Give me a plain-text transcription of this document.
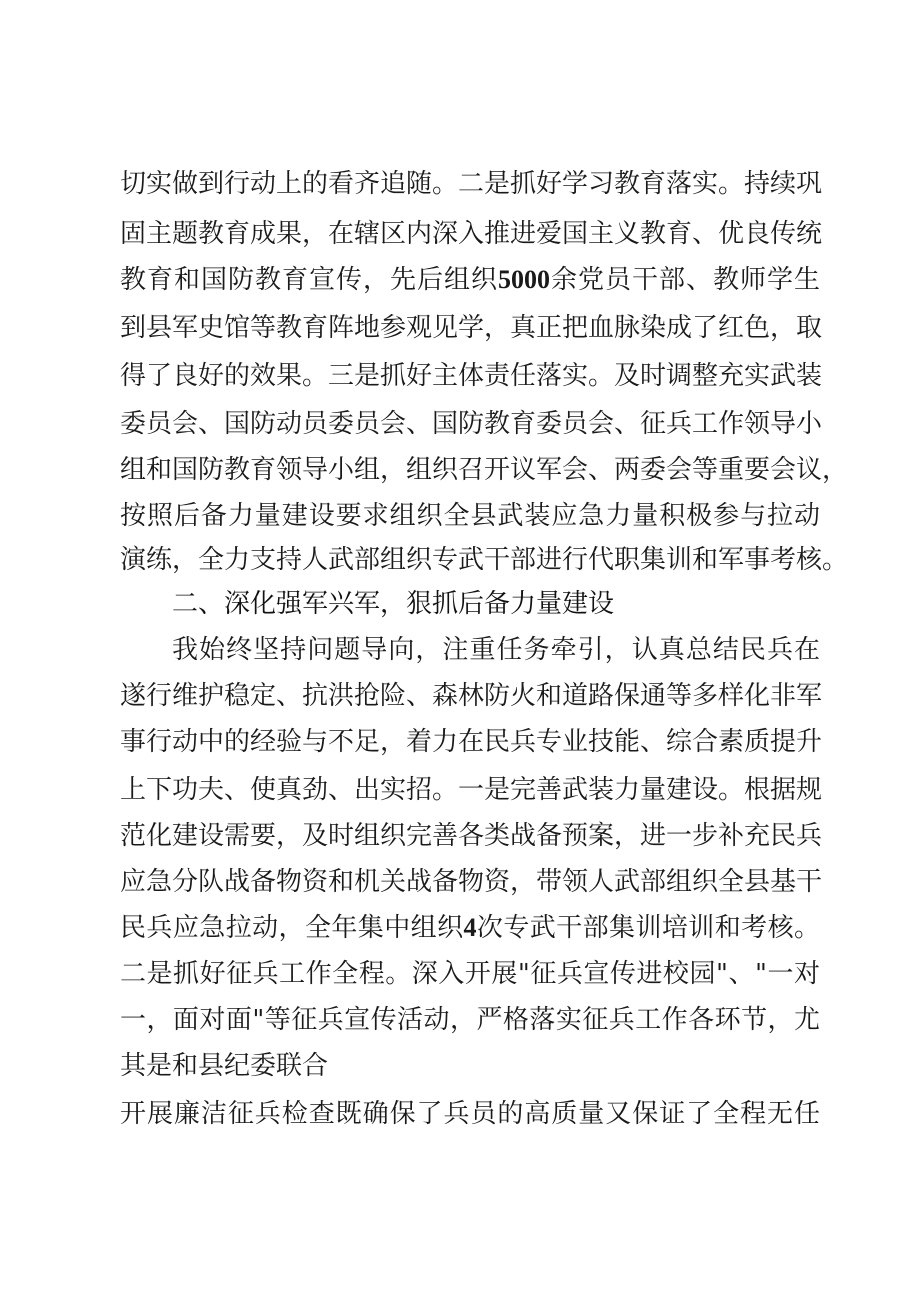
切实做到行动上的看齐追随。二是抓好学习教育落实。持续巩

固主题教育成果，在辖区内深入推进爱国主义教育、优良传统

教育和国防教育宣传，先后组织5000余党员干部、教师学生

到县军史馆等教育阵地参观见学，真正把血脉染成了红色，取

得了良好的效果。三是抓好主体责任落实。及时调整充实武装

委员会、国防动员委员会、国防教育委员会、征兵工作领导小

组和国防教育领导小组，组织召开议军会、两委会等重要会议，

按照后备力量建设要求组织全县武装应急力量积极参与拉动

演练，全力支持人武部组织专武干部进行代职集训和军事考核。

二、深化强军兴军，狠抓后备力量建设

我始终坚持问题导向，注重任务牵引，认真总结民兵在

遂行维护稳定、抗洪抢险、森林防火和道路保通等多样化非军

事行动中的经验与不足，着力在民兵专业技能、综合素质提升

上下功夫、使真劲、出实招。一是完善武装力量建设。根据规

范化建设需要，及时组织完善各类战备预案，进一步补充民兵

应急分队战备物资和机关战备物资，带领人武部组织全县基干

民兵应急拉动，全年集中组织4次专武干部集训培训和考核。

二是抓好征兵工作全程。深入开展"征兵宣传进校园"、"一对

一，面对面"等征兵宣传活动，严格落实征兵工作各环节，尤

其是和县纪委联合

开展廉洁征兵检查既确保了兵员的高质量又保证了全程无任
